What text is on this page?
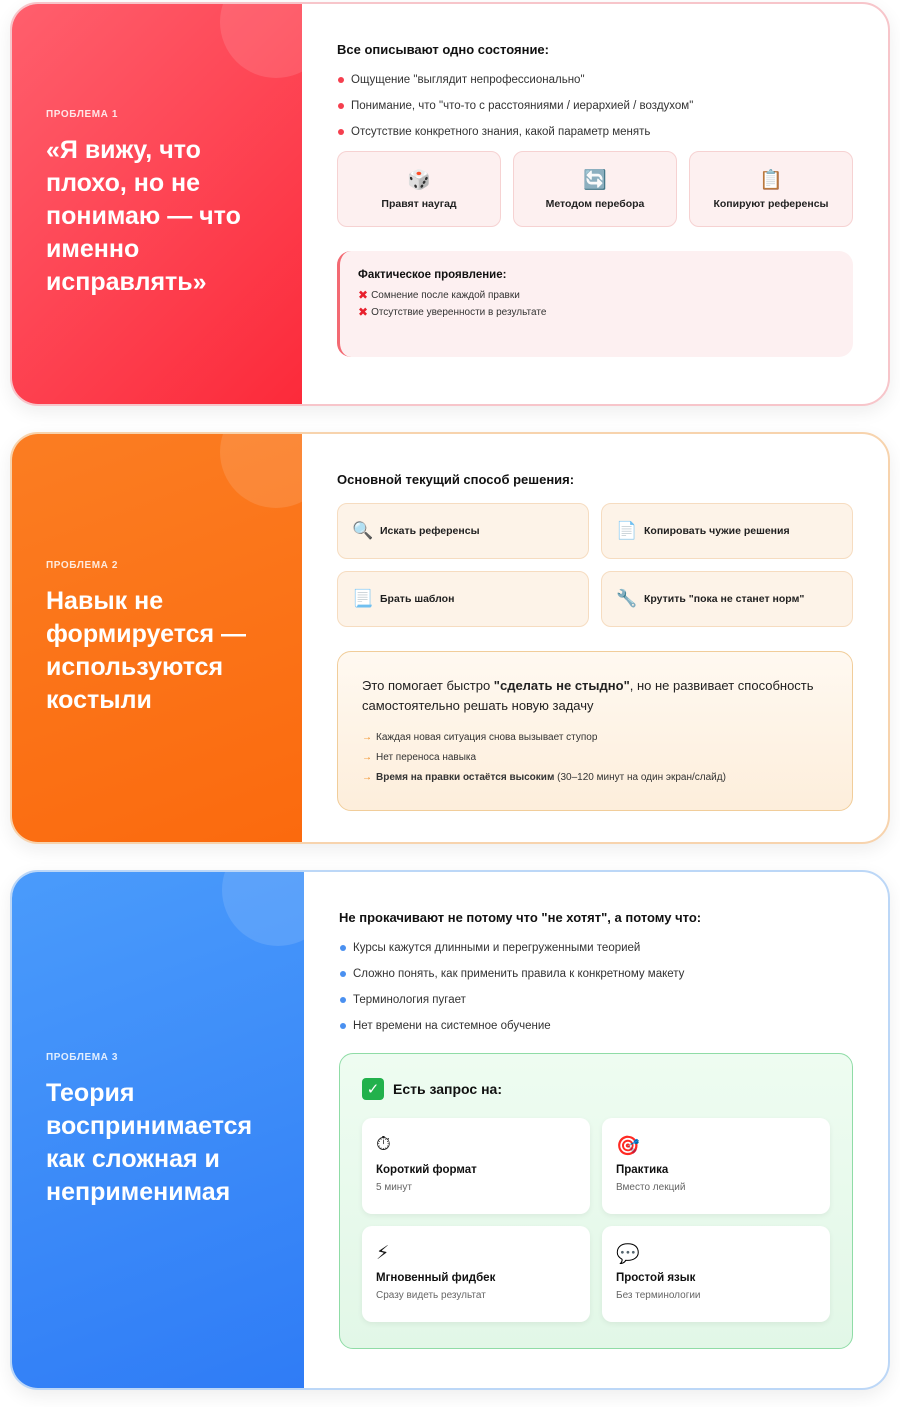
ПРОБЛЕМА 1
«Я вижу, что плохо, но не понимаю — что именно исправлять»
Все описывают одно состояние:
Ощущение "выглядит непрофессионально"
Понимание, что "что-то с расстояниями / иерархией / воздухом"
Отсутствие конкретного знания, какой параметр менять
🎲
Правят наугад
🔄
Методом перебора
📋
Копируют референсы
Фактическое проявление:
✖ Сомнение после каждой правки
✖ Отсутствие уверенности в результате
ПРОБЛЕМА 2
Навык не формируется — используются костыли
Основной текущий способ решения:
🔍 Искать референсы	📄 Копировать чужие решения
📃 Брать шаблон	🔧 Крутить "пока не станет норм"
Это помогает быстро "сделать не стыдно", но не развивает способность самостоятельно решать новую задачу
→ Каждая новая ситуация снова вызывает ступор
→ Нет переноса навыка
→ Время на правки остаётся высоким (30–120 минут на один экран/слайд)
ПРОБЛЕМА 3
Теория воспринимается как сложная и неприменимая
Не прокачивают не потому что "не хотят", а потому что:
Курсы кажутся длинными и перегруженными теорией
Сложно понять, как применить правила к конкретному макету
Терминология пугает
Нет времени на системное обучение
✓ Есть запрос на:
⏱
Короткий формат
5 минут
🎯
Практика
Вместо лекций
⚡
Мгновенный фидбек
Сразу видеть результат
💬
Простой язык
Без терминологии
